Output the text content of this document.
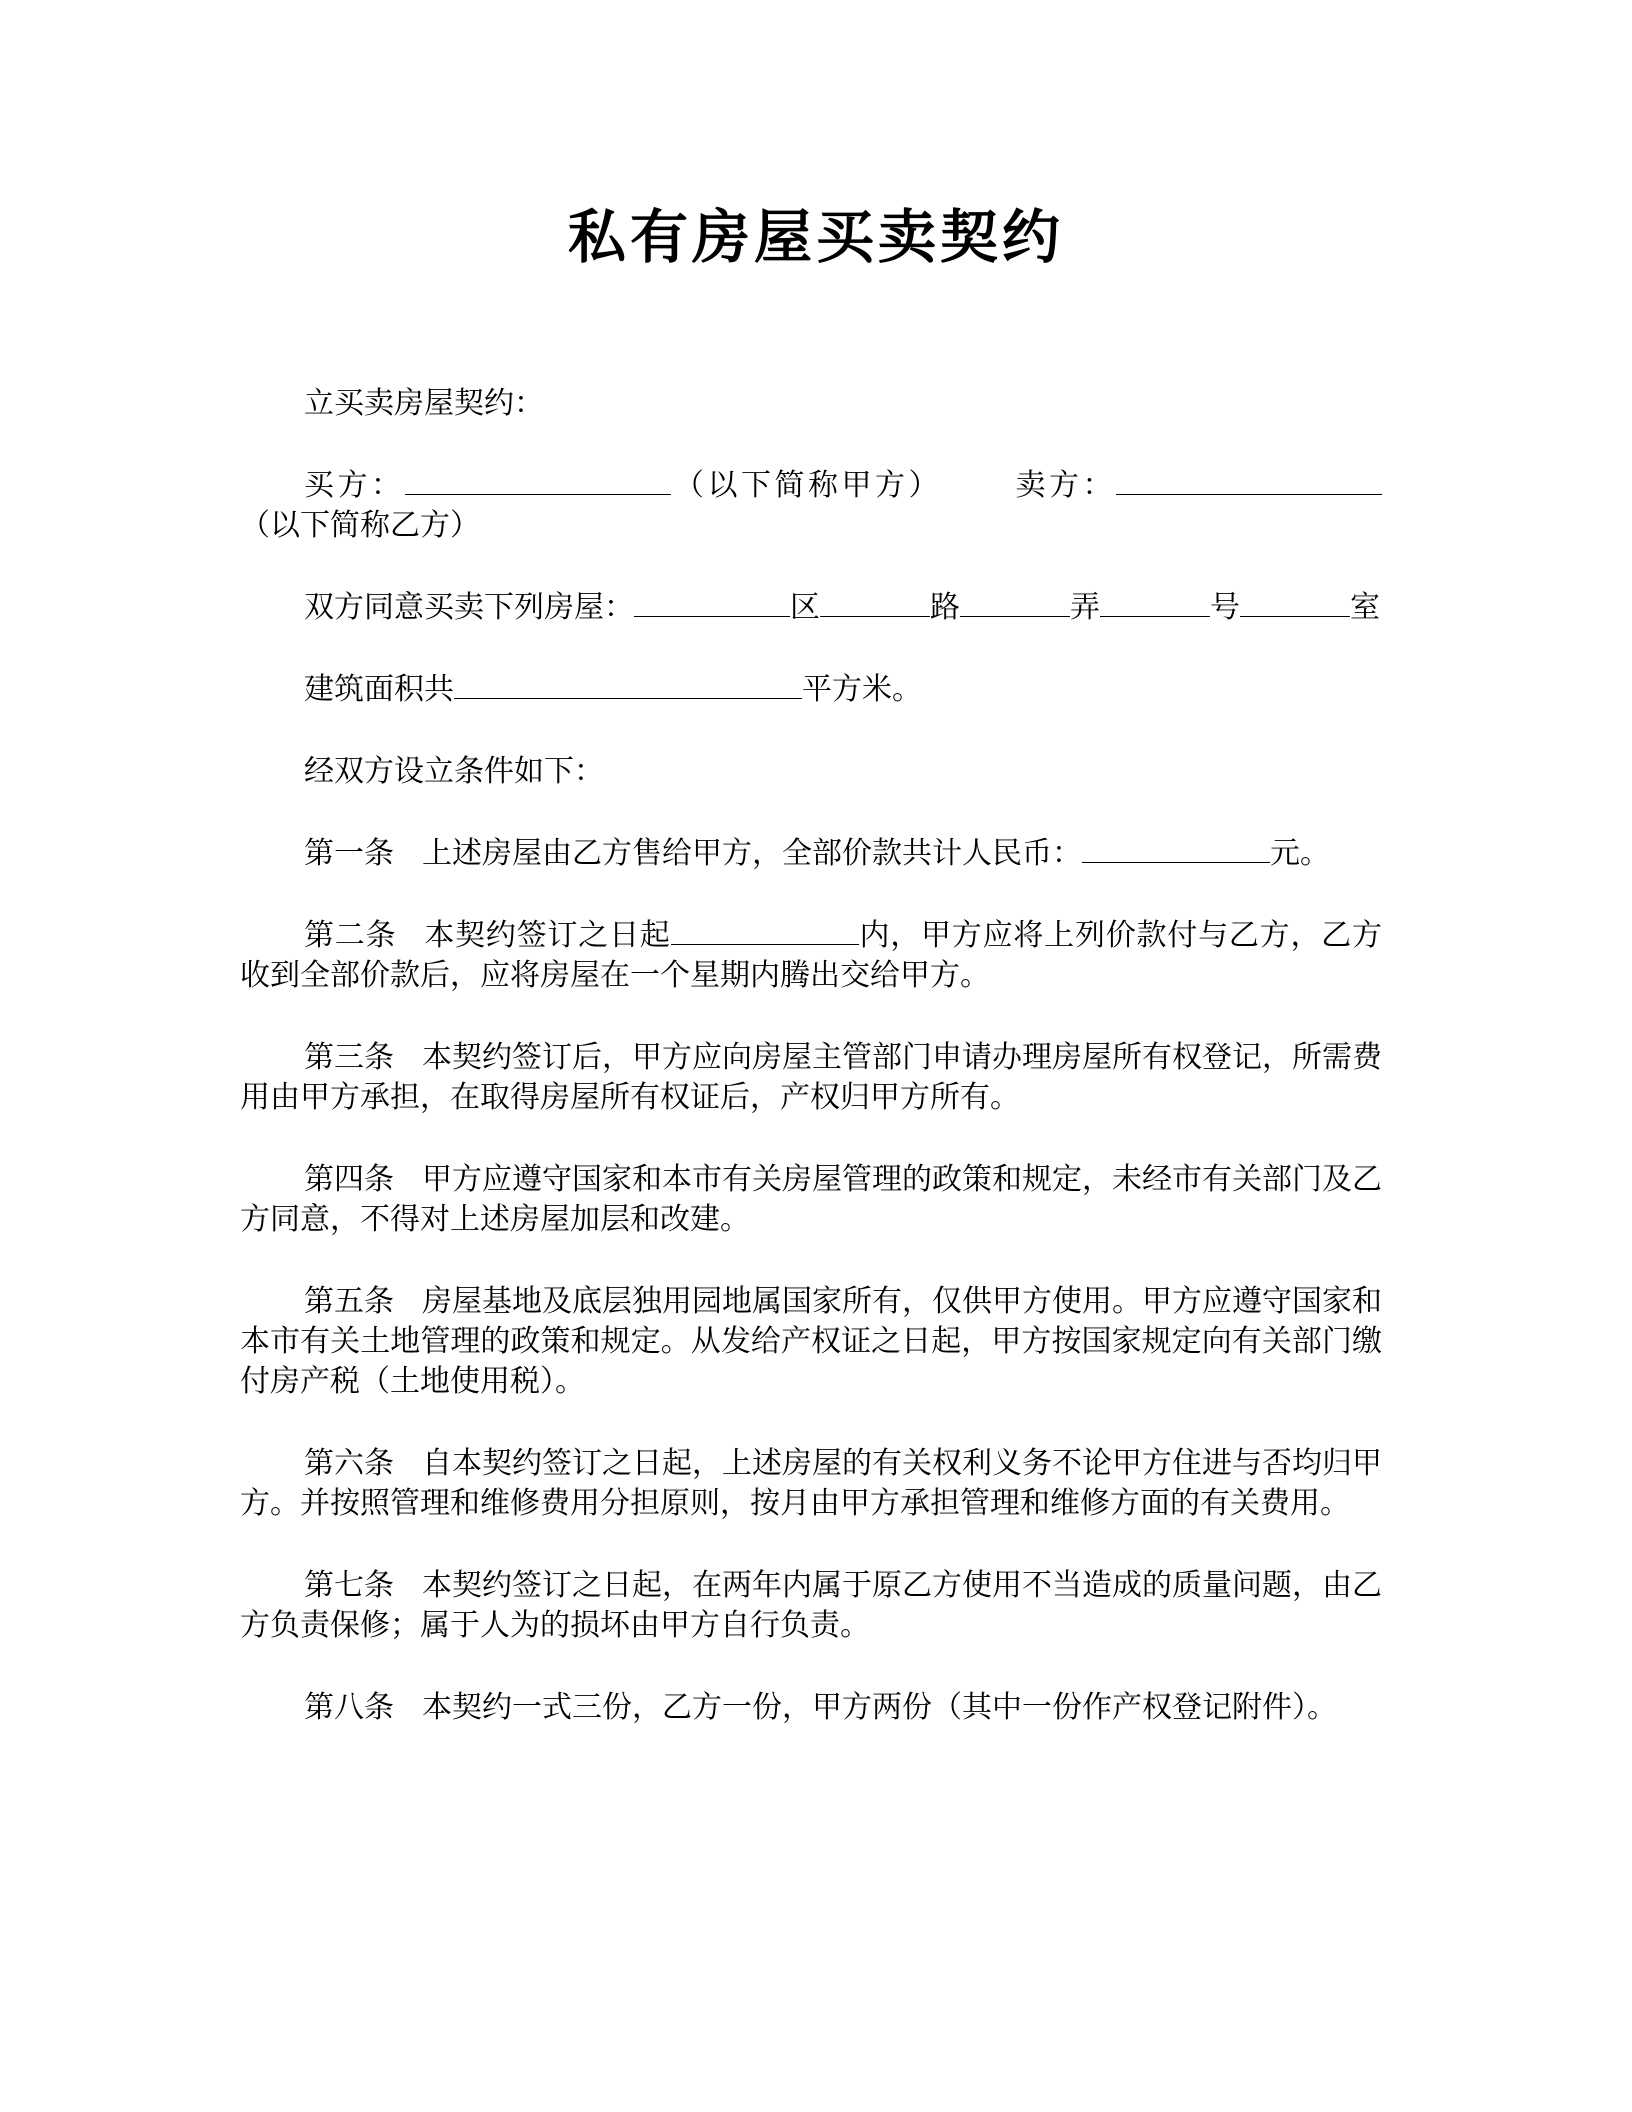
私有房屋买卖契约

立买卖房屋契约：

买方：	（以下简称甲方） 卖方：（以下简称乙方）

双方同意买卖下列房屋：	区	路	弄	号	室

建筑面积共	平方米。

经双方设立条件如下：

第一条 上述房屋由乙方售给甲方，全部价款共计人民币：	元。

第二条 本契约签订之日起	内，甲方应将上列价款付与乙方，乙方收到全部价款后，应将房屋在一个星期内腾出交给甲方。

第三条 本契约签订后，甲方应向房屋主管部门申请办理房屋所有权登记，所需费用由甲方承担，在取得房屋所有权证后，产权归甲方所有。

第四条 甲方应遵守国家和本市有关房屋管理的政策和规定，未经市有关部门及乙方同意，不得对上述房屋加层和改建。

第五条 房屋基地及底层独用园地属国家所有，仅供甲方使用。甲方应遵守国家和本市有关土地管理的政策和规定。从发给产权证之日起，甲方按国家规定向有关部门缴付房产税（土地使用税）。

第六条 自本契约签订之日起，上述房屋的有关权利义务不论甲方住进与否均归甲方。并按照管理和维修费用分担原则，按月由甲方承担管理和维修方面的有关费用。

第七条 本契约签订之日起，在两年内属于原乙方使用不当造成的质量问题，由乙方负责保修；属于人为的损坏由甲方自行负责。

第八条 本契约一式三份，乙方一份，甲方两份（其中一份作产权登记附件）。
